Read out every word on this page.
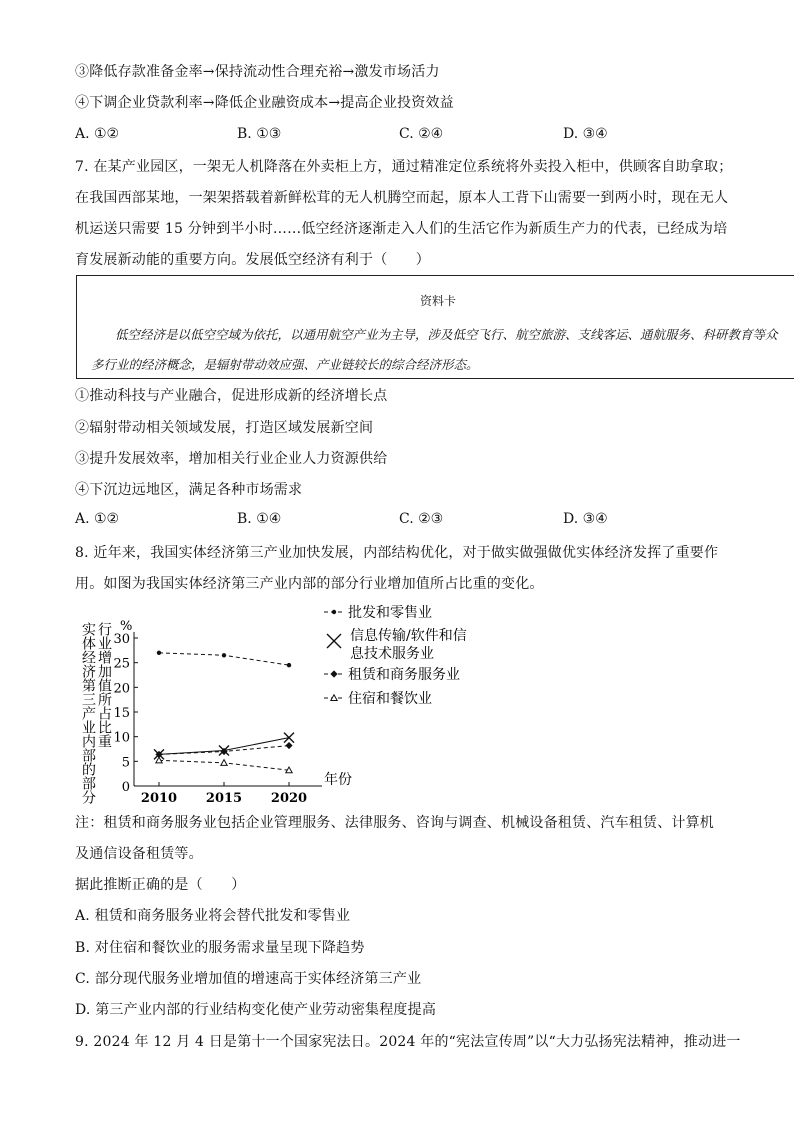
③降低存款准备金率→保持流动性合理充裕→激发市场活力
④下调企业贷款利率→降低企业融资成本→提高企业投资效益
A. ①②	B. ①③	C. ②④	D. ③④
7. 在某产业园区，一架无人机降落在外卖柜上方，通过精准定位系统将外卖投入柜中，供顾客自助拿取；
在我国西部某地，一架架搭载着新鲜松茸的无人机腾空而起，原本人工背下山需要一到两小时，现在无人
机运送只需要 15 分钟到半小时……低空经济逐渐走入人们的生活它作为新质生产力的代表，已经成为培
育发展新动能的重要方向。发展低空经济有利于（　　）
资料卡
低空经济是以低空空域为依托，以通用航空产业为主导，涉及低空飞行、航空旅游、支线客运、通航服务、科研教育等众多行业的经济概念，是辐射带动效应强、产业链较长的综合经济形态。
①推动科技与产业融合，促进形成新的经济增长点
②辐射带动相关领域发展，打造区域发展新空间
③提升发展效率，增加相关行业企业人力资源供给
④下沉边远地区，满足各种市场需求
A. ①②	B. ①④	C. ②③	D. ③④
8. 近年来，我国实体经济第三产业加快发展，内部结构优化，对于做实做强做优实体经济发挥了重要作
用。如图为我国实体经济第三产业内部的部分行业增加值所占比重的变化。
0
5
10
15
20
25
30
%
2010 2015 2020
年份
实体经济第三产业内部的部分 行业增加值所占比重
批发和零售业
信息传输/软件和信
息技术服务业
租赁和商务服务业
住宿和餐饮业
注：租赁和商务服务业包括企业管理服务、法律服务、咨询与调查、机械设备租赁、汽车租赁、计算机
及通信设备租赁等。
据此推断正确的是（　　）
A. 租赁和商务服务业将会替代批发和零售业
B. 对住宿和餐饮业的服务需求量呈现下降趋势
C. 部分现代服务业增加值的增速高于实体经济第三产业
D. 第三产业内部的行业结构变化使产业劳动密集程度提高
9. 2024 年 12 月 4 日是第十一个国家宪法日。2024 年的“宪法宣传周”以“大力弘扬宪法精神，推动进一
